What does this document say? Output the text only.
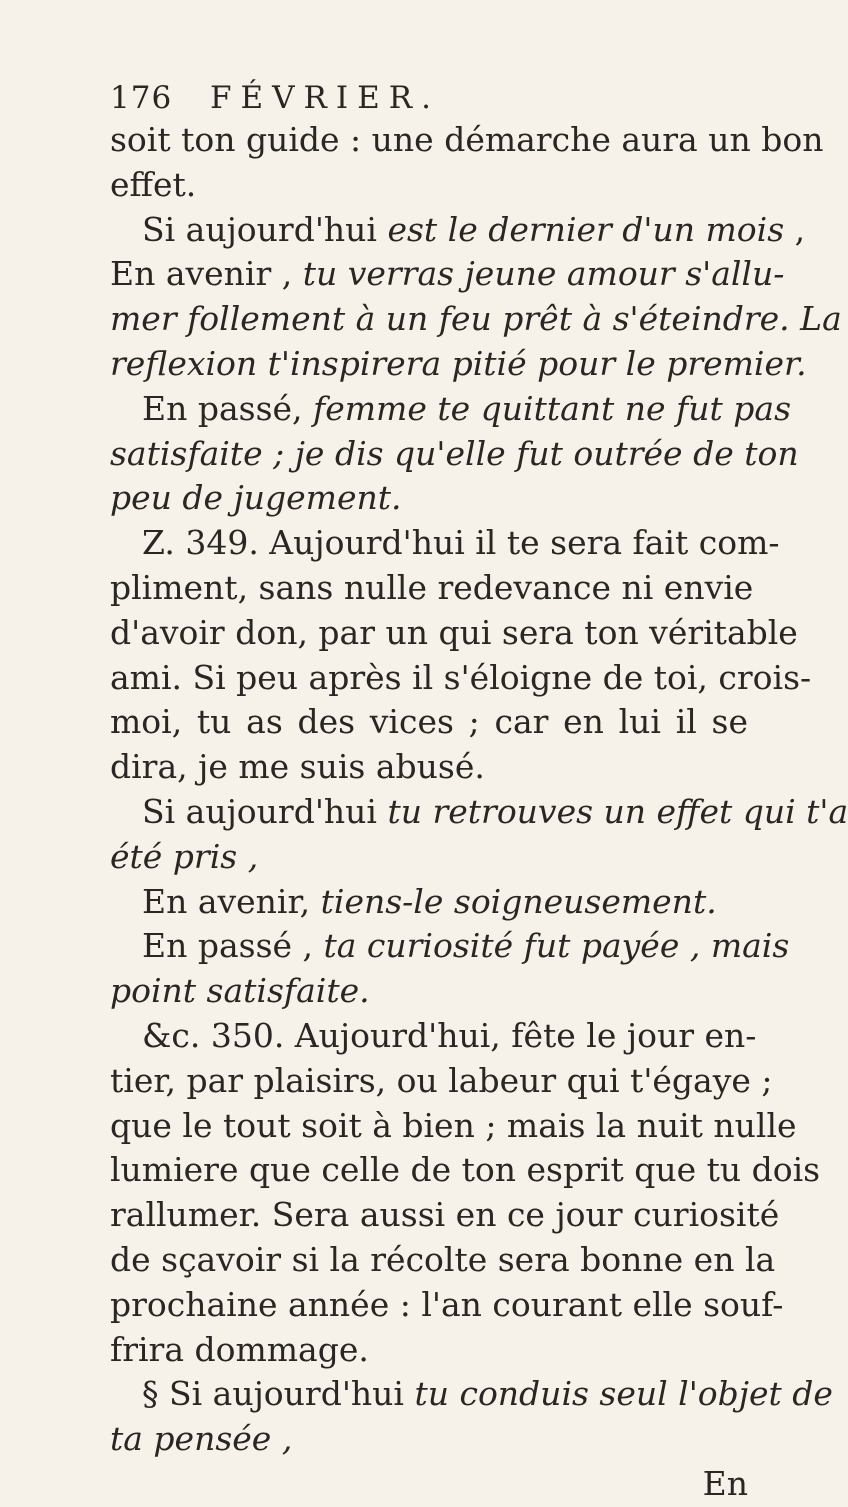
176	FÉVRIER.
soit ton guide : une démarche aura un bon
effet.
Si aujourd'hui est le dernier d'un mois ,
En avenir , tu verras jeune amour s'allu-
mer follement à un feu prêt à s'éteindre. La
reflexion t'inspirera pitié pour le premier.
En passé, femme te quittant ne fut pas
satisfaite ; je dis qu'elle fut outrée de ton
peu de jugement.
Z. 349. Aujourd'hui il te sera fait com-
pliment, sans nulle redevance ni envie
d'avoir don, par un qui sera ton véritable
ami. Si peu après il s'éloigne de toi, crois-
moi, tu as des vices ; car en lui il se
dira, je me suis abusé.
Si aujourd'hui tu retrouves un effet qui t'a
été pris ,
En avenir, tiens-le soigneusement.
En passé , ta curiosité fut payée , mais
point satisfaite.
&c. 350. Aujourd'hui, fête le jour en-
tier, par plaisirs, ou labeur qui t'égaye ;
que le tout soit à bien ; mais la nuit nulle
lumiere que celle de ton esprit que tu dois
rallumer. Sera aussi en ce jour curiosité
de sçavoir si la récolte sera bonne en la
prochaine année : l'an courant elle souf-
frira dommage.
§ Si aujourd'hui tu conduis seul l'objet de
ta pensée ,
En
